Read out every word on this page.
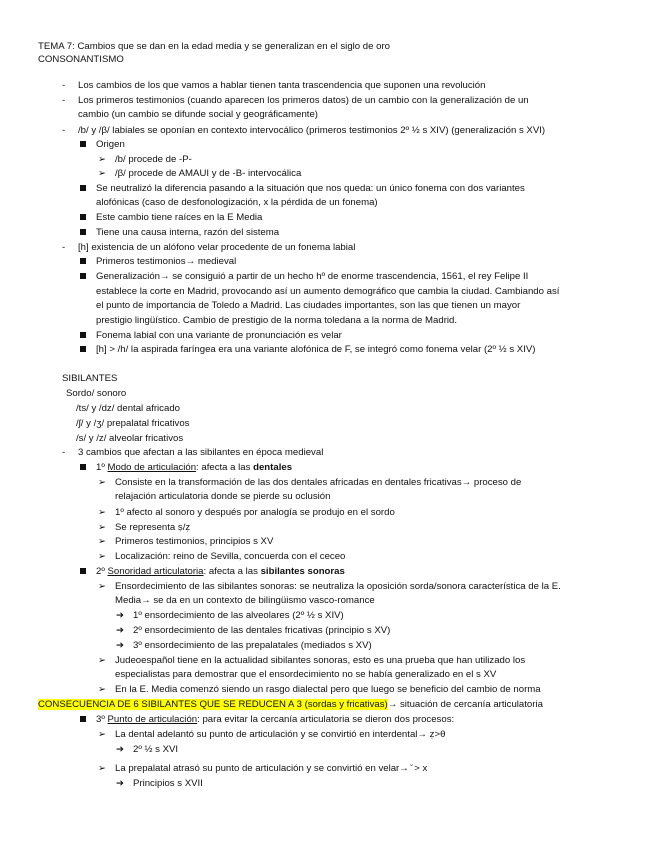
TEMA 7: Cambios que se dan en la edad media y se generalizan en el siglo de oro
CONSONANTISMO
- Los cambios de los que vamos a hablar tienen tanta trascendencia que suponen una revolución
- Los primeros testimonios (cuando aparecen los primeros datos) de un cambio con la generalización de un
cambio (un cambio se difunde social y geográficamente)
- /b/ y /β/ labiales se oponían en contexto intervocálico (primeros testimonios 2º ½ s XIV) (generalización s XVI)
Origen
➢ /b/ procede de -P-
➢ /β/ procede de AMAUI y de -B- intervocálica
Se neutralizó la diferencia pasando a la situación que nos queda: un único fonema con dos variantes
alofónicas (caso de desfonologización, x la pérdida de un fonema)
Este cambio tiene raíces en la E Media
Tiene una causa interna, razón del sistema
- [h] existencia de un alófono velar procedente de un fonema labial
Primeros testimonios→ medieval
Generalización→ se consiguió a partir de un hecho hº de enorme trascendencia, 1561, el rey Felipe II
establece la corte en Madrid, provocando así un aumento demográfico que cambia la ciudad. Cambiando así
el punto de importancia de Toledo a Madrid. Las ciudades importantes, son las que tienen un mayor
prestigio lingüístico. Cambio de prestigio de la norma toledana a la norma de Madrid.
Fonema labial con una variante de pronunciación es velar
[h] > /h/ la aspirada faríngea era una variante alofónica de F, se integró como fonema velar (2º ½ s XIV)
SIBILANTES
Sordo/ sonoro
/ts/ y /dz/ dental africado
/ʃ/ y /ʒ/ prepalatal fricativos
/s/ y /z/ alveolar fricativos
- 3 cambios que afectan a las sibilantes en época medieval
1º Modo de articulación: afecta a las dentales
➢ Consiste en la transformación de las dos dentales africadas en dentales fricativas→ proceso de
relajación articulatoria donde se pierde su oclusión
➢ 1º afecto al sonoro y después por analogía se produjo en el sordo
➢ Se representa ṣ/ẓ
➢ Primeros testimonios, principios s XV
➢ Localización: reino de Sevilla, concuerda con el ceceo
2º Sonoridad articulatoria: afecta a las sibilantes sonoras
➢ Ensordecimiento de las sibilantes sonoras: se neutraliza la oposición sorda/sonora característica de la E.
Media→ se da en un contexto de bilingüismo vasco-romance
➔ 1º ensordecimiento de las alveolares (2º ½ s XIV)
➔ 2º ensordecimiento de las dentales fricativas (principio s XV)
➔ 3º ensordecimiento de las prepalatales (mediados s XV)
➢ Judeoespañol tiene en la actualidad sibilantes sonoras, esto es una prueba que han utilizado los
especialistas para demostrar que el ensordecimiento no se había generalizado en el s XV
➢ En la E. Media comenzó siendo un rasgo dialectal pero que luego se beneficio del cambio de norma
CONSECUENCIA DE 6 SIBILANTES QUE SE REDUCEN A 3 (sordas y fricativas)→ situación de cercanía articulatoria
3º Punto de articulación: para evitar la cercanía articulatoria se dieron dos procesos:
➢ La dental adelantó su punto de articulación y se convirtió en interdental→ ẓ>θ
➔ 2º ½ s XVI
➢ La prepalatal atrasó su punto de articulación y se convirtió en velar→ ̆ > x
➔ Principios s XVII
